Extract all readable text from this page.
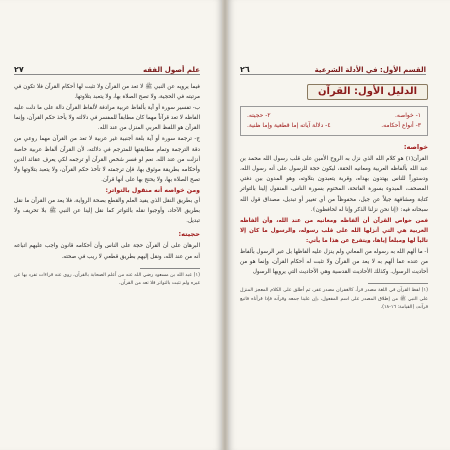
علم أصول الفقه
٢٧

فيما يرويه عن النبي ﷺ لا تعد من القرآن ولا تثبت لها أحكام القرآن فلا تكون في مرتبته في الحجية، ولا تصح الصلاة بها، ولا يتعبد بتلاوتها.

ب- تفسير سورة أو آية بألفاظ عربية مرادفة لألفاظ القرآن دالة على ما دلت عليه الفاظه لا تعد قرآناً مهما كان مطابقاً للمفسر في دلالته ولا يأخذ حكم القرآن، وإنما القرآن هو اللفظ العربي المنزل من عند الله.

ج- ترجمة سورة أو آية بلغة أجنبية غير عربية لا تعد من القرآن مهما روعي من دقة الترجمة وتمام مطابقتها للمترجم في دلالته، لأن القرآن ألفاظ عربية خاصة أنزلت من عند الله. نعم لو فسر شخص القرآن أو ترجمه لكي يعرف عقائد الدين وأحكامه بطريقة موثوق بها، فإن ترجمته لا تأخذ حكم القرآن، ولا يتعبد بتلاوتها ولا تصح الصلاة بها، ولا يحتج بها على أنها قرآن.

ومن خواصه أنه منقول بالتواتر:

أي بطريق النقل الذي يفيد العلم والقطع بصحة الرواية، فلا يعد من القرآن ما نقل بطريق الآحاد، وأوجبوا نقله بالتواتر كما نقل إلينا عن النبي ﷺ بلا تحريف ولا تبديل.

حجيته:

البرهان على أن القرآن حجة على الناس وأن أحكامه قانون واجب عليهم اتباعه أنه من عند الله، ونقل إليهم بطريق قطعي لا ريب في صحته.

(١) عبد الله بن مسعود رضي الله عنه من أعلم الصحابة بالقرآن، روى عنه قراءات تفرد بها عن غيره ولم تثبت بالتواتر فلا تعد من القرآن.

القسم الأول: في الأدلة الشرعية
٢٦
الدليل الأول: القرآن
١- خواصه.
٢- حجيته.
٣- أنواع أحكامه.
٤- دلالة آياته إما قطعية وإما ظنية.
خواصه:

القرآن(١) هو كلام الله الذي نزل به الروح الأمين على قلب رسول الله محمد بن عبد الله بألفاظه العربية ومعانيه الحقة، ليكون حجة للرسول على أنه رسول الله، ودستوراً للناس يهتدون بهداه، وقربة يتعبدون بتلاوته، وهو المدون بين دفتي المصحف، المبدوء بسورة الفاتحة، المختوم بسورة الناس، المنقول إلينا بالتواتر كتابة ومشافهة جيلاً عن جيل، محفوظاً من أي تغيير أو تبديل، مصداق قول الله سبحانه فيه: ﴿إنا نحن نزلنا الذكر وإنا له لحافظون﴾.

فمن خواص القرآن أن ألفاظه ومعانيه من عند الله، وأن ألفاظه العربية هي التي أنزلها الله على قلب رسوله، والرسول ما كان إلا تالياً لها ومبلغاً إياها، ويتفرع عن هذا ما يأتي:

أ- ما ألهم الله به رسوله من المعاني ولم ينزل عليه ألفاظها بل عبر الرسول بألفاظ من عنده عما ألهم به لا يعد من القرآن ولا تثبت له أحكام القرآن، وإنما هو من أحاديث الرسول. وكذلك الأحاديث القدسية وهي الأحاديث التي يرويها الرسول

(١) لفظ القرآن في اللغة مصدر قرأ، كالغفران مصدر غفر، ثم أطلق على الكلام المعجز المنزل على النبي ﷺ من إطلاق المصدر على اسم المفعول، ﴿إن علينا جمعه وقرآنه فإذا قرأناه فاتبع قرآنه﴾ (القيامة: ١٦-١٨).
